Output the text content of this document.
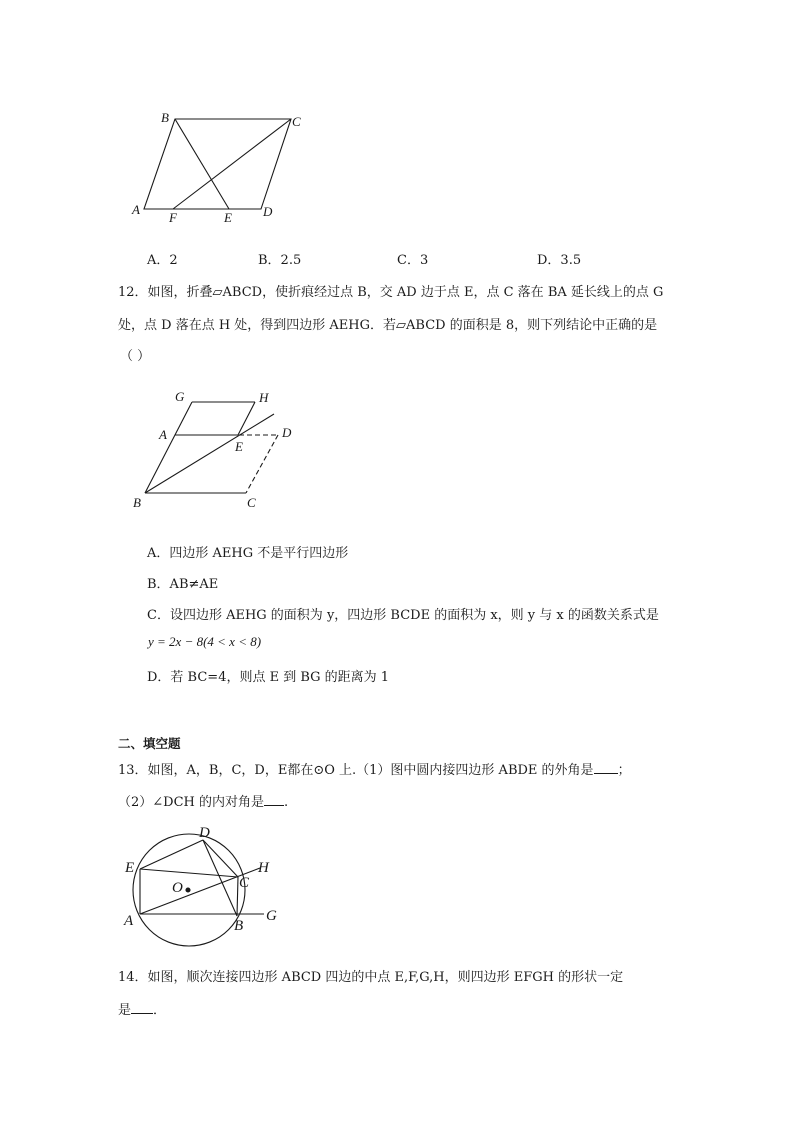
B	C
A
F	E D
A．2	B．2.5	C．3	D．3.5
12．如图，折叠▱ABCD，使折痕经过点 B，交 AD 边于点 E，点 C 落在 BA 延长线上的点 G
处，点 D 落在点 H 处，得到四边形 AEHG．若▱ABCD 的面积是 8，则下列结论中正确的是
（ ）
G	H
A	D
E
B	C
A．四边形 AEHG 不是平行四边形
B．AB≠AE
C．设四边形 AEHG 的面积为 y，四边形 BCDE 的面积为 x，则 y 与 x 的函数关系式是
y = 2x − 8(4 < x < 8)
D．若 BC=4，则点 E 到 BG 的距离为 1
二、填空题
13．如图，A，B，C，D，E都在⊙O 上.（1）图中圆内接四边形 ABDE 的外角是 ；
（2）∠DCH 的内对角是 .
D
E	H
O	C
A	B
G
14．如图，顺次连接四边形 ABCD 四边的中点 E,F,G,H，则四边形 EFGH 的形状一定
是 ．
